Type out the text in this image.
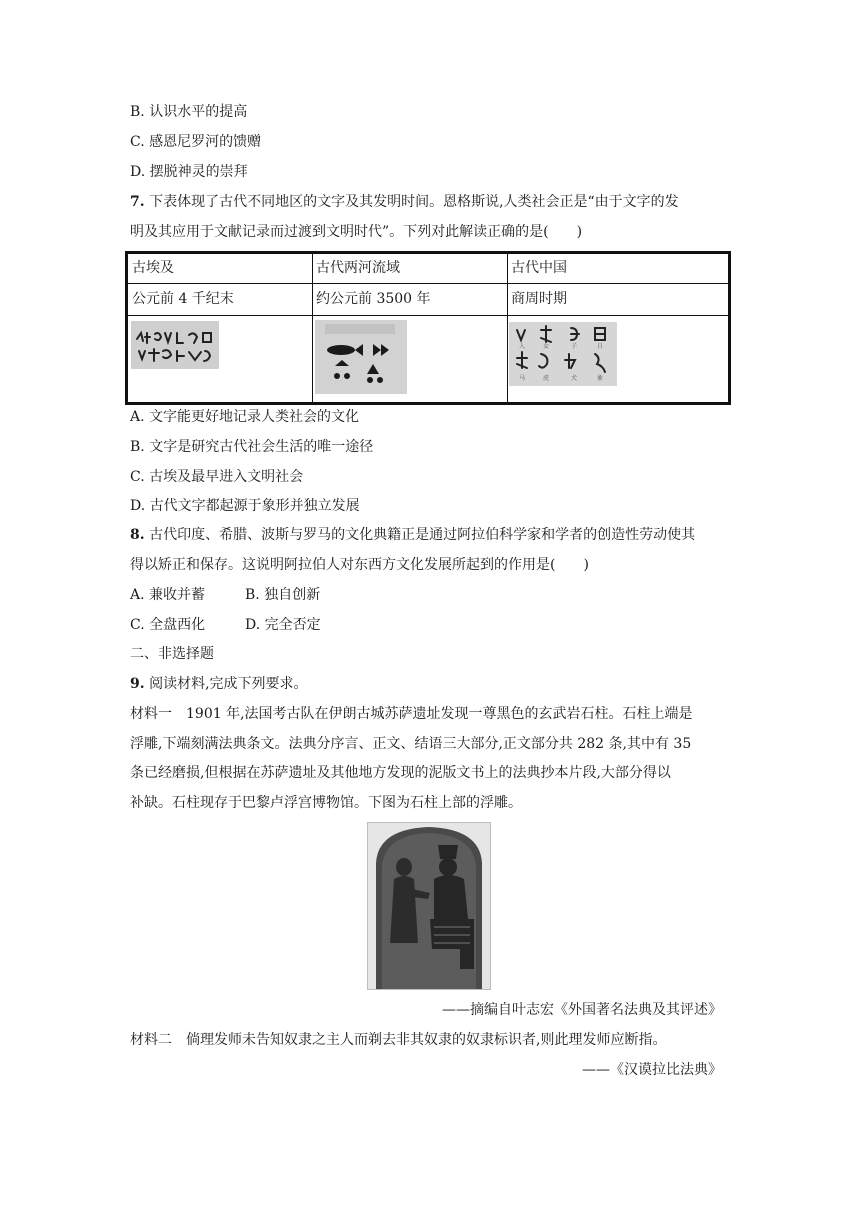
B. 认识水平的提高
C. 感恩尼罗河的馈赠
D. 摆脱神灵的崇拜
7. 下表体现了古代不同地区的文字及其发明时间。恩格斯说,人类社会正是“由于文字的发
明及其应用于文献记录而过渡到文明时代”。下列对此解读正确的是(　　)
古埃及	古代两河流域	古代中国
公元前 4 千纪末	约公元前 3500 年	商周时期
人	女	子	日
马	虎	犬	象
A. 文字能更好地记录人类社会的文化
B. 文字是研究古代社会生活的唯一途径
C. 古埃及最早进入文明社会
D. 古代文字都起源于象形并独立发展
8. 古代印度、希腊、波斯与罗马的文化典籍正是通过阿拉伯科学家和学者的创造性劳动使其
得以矫正和保存。这说明阿拉伯人对东西方文化发展所起到的作用是(　　)
A. 兼收并蓄	B. 独自创新
C. 全盘西化	D. 完全否定
二、非选择题
9. 阅读材料,完成下列要求。
材料一　1901 年,法国考古队在伊朗古城苏萨遗址发现一尊黑色的玄武岩石柱。石柱上端是
浮雕,下端刻满法典条文。法典分序言、正文、结语三大部分,正文部分共 282 条,其中有 35
条已经磨损,但根据在苏萨遗址及其他地方发现的泥版文书上的法典抄本片段,大部分得以
补缺。石柱现存于巴黎卢浮宫博物馆。下图为石柱上部的浮雕。
——摘编自叶志宏《外国著名法典及其评述》
材料二　倘理发师未告知奴隶之主人而剃去非其奴隶的奴隶标识者,则此理发师应断指。
——《汉谟拉比法典》
